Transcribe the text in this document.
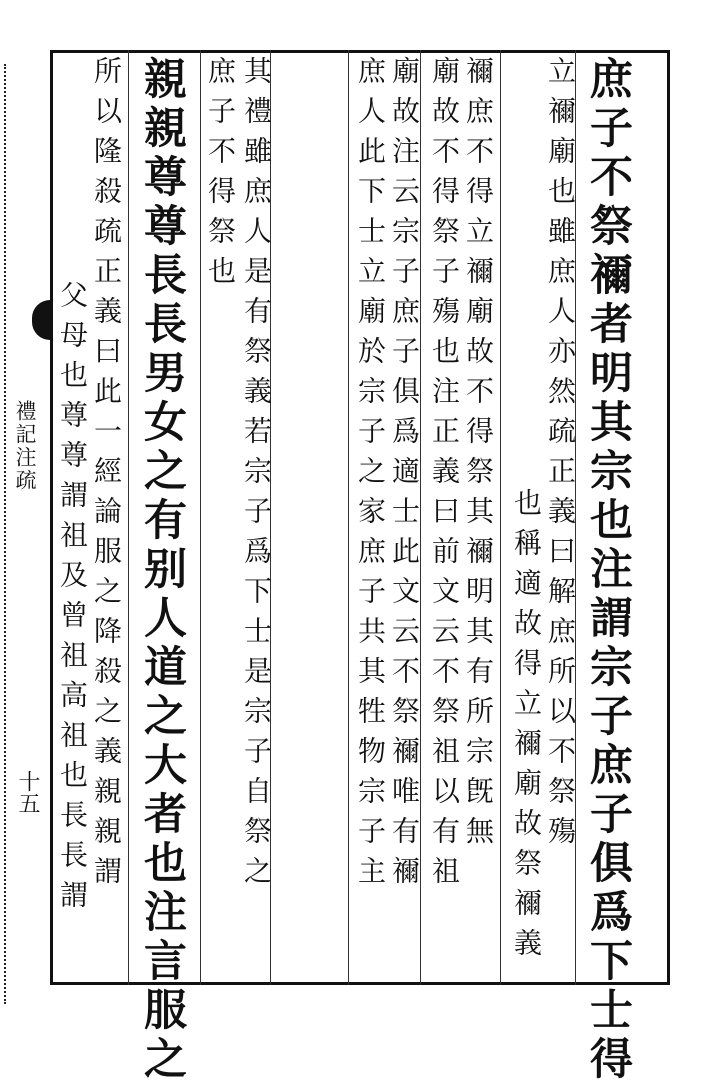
禮記注疏
十五	庶子不祭禰者明其宗也注謂宗子庶子俱爲下士得
立禰廟也雖庶人亦然疏正義曰解庶所以不祭殤
也稱適故得立禰廟故祭禰義
禰庶不得立禰廟故不得祭其禰明其有所宗旣無
廟故不得祭子殤也注正義曰前文云不祭祖以有祖
廟故注云宗子庶子俱爲適士此文云不祭禰唯有禰
庶人此下士立廟於宗子之家庶子共其牲物宗子主
其禮雖庶人是有祭義若宗子爲下士是宗子自祭之
庶子不得祭也
親親尊尊長長男女之有别人道之大者也注言服之
所以隆殺疏正義曰此一經論服之降殺之義親親謂
父母也尊尊謂祖及曾祖高祖也長長謂
